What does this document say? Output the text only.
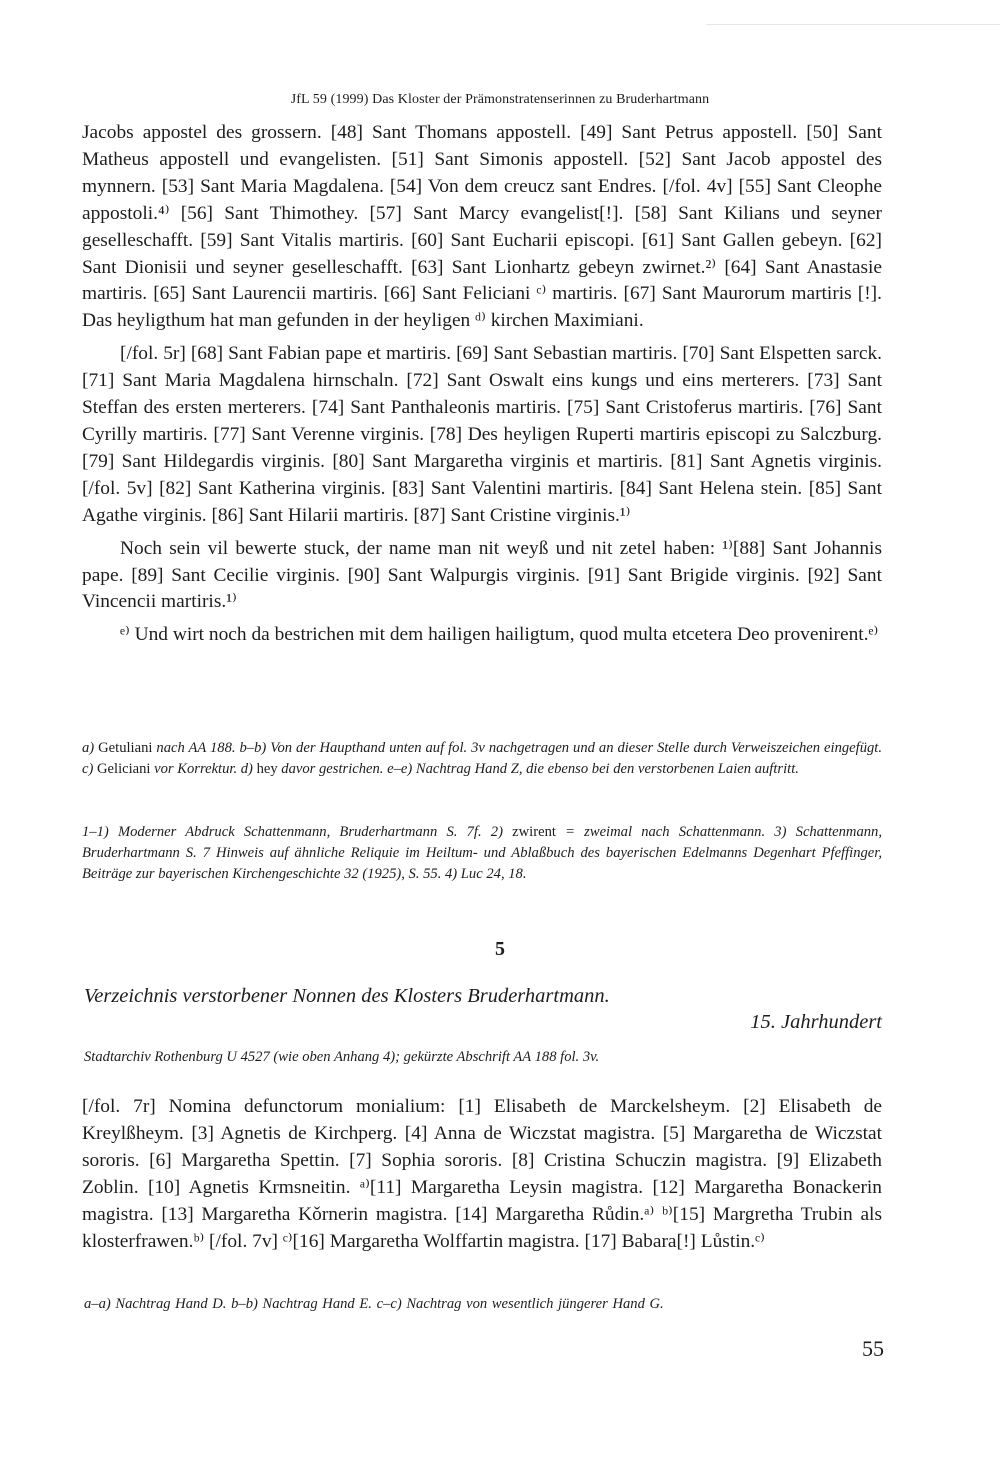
JfL 59 (1999) Das Kloster der Prämonstratenserinnen zu Bruderhartmann

Jacobs appostel des grossern. [48] Sant Thomans appostell. [49] Sant Petrus appostell. [50] Sant Matheus appostell und evangelisten. [51] Sant Simonis appostell. [52] Sant Jacob appostel des mynnern. [53] Sant Maria Magdalena. [54] Von dem creucz sant Endres. [/fol. 4v] [55] Sant Cleophe appostoli.⁴⁾ [56] Sant Thimothey. [57] Sant Marcy evangelist[!]. [58] Sant Kilians und seyner geselleschafft. [59] Sant Vitalis martiris. [60] Sant Eucharii episcopi. [61] Sant Gallen gebeyn. [62] Sant Dionisii und seyner geselleschafft. [63] Sant Lionhartz gebeyn zwirnet.²⁾ [64] Sant Anastasie martiris. [65] Sant Laurencii martiris. [66] Sant Feliciani ᶜ⁾ martiris. [67] Sant Maurorum martiris [!]. Das heyligthum hat man gefunden in der heyligen ᵈ⁾ kirchen Maximiani.

[/fol. 5r] [68] Sant Fabian pape et martiris. [69] Sant Sebastian martiris. [70] Sant Elspetten sarck. [71] Sant Maria Magdalena hirnschaln. [72] Sant Oswalt eins kungs und eins merterers. [73] Sant Steffan des ersten merterers. [74] Sant Panthaleonis martiris. [75] Sant Cristoferus martiris. [76] Sant Cyrilly martiris. [77] Sant Verenne virginis. [78] Des heyligen Ruperti martiris episcopi zu Salczburg. [79] Sant Hildegardis virginis. [80] Sant Margaretha virginis et martiris. [81] Sant Agnetis virginis. [/fol. 5v] [82] Sant Katherina virginis. [83] Sant Valentini martiris. [84] Sant Helena stein. [85] Sant Agathe virginis. [86] Sant Hilarii martiris. [87] Sant Cristine virginis.¹⁾

Noch sein vil bewerte stuck, der name man nit weyß und nit zetel haben: ¹⁾[88] Sant Johannis pape. [89] Sant Cecilie virginis. [90] Sant Walpurgis virginis. [91] Sant Brigide virginis. [92] Sant Vincencii martiris.¹⁾

ᵉ⁾ Und wirt noch da bestrichen mit dem hailigen hailigtum, quod multa etcetera Deo provenirent.ᵉ⁾

a) Getuliani nach AA 188. b–b) Von der Haupthand unten auf fol. 3v nachgetragen und an dieser Stelle durch Verweiszeichen eingefügt. c) Geliciani vor Korrektur. d) hey davor gestrichen. e–e) Nachtrag Hand Z, die ebenso bei den verstorbenen Laien auftritt.
1–1) Moderner Abdruck Schattenmann, Bruderhartmann S. 7f. 2) zwirent = zweimal nach Schattenmann. 3) Schattenmann, Bruderhartmann S. 7 Hinweis auf ähnliche Reliquie im Heiltum- und Ablaßbuch des bayerischen Edelmanns Degenhart Pfeffinger, Beiträge zur bayerischen Kirchengeschichte 32 (1925), S. 55. 4) Luc 24, 18.
5
Verzeichnis verstorbener Nonnen des Klosters Bruderhartmann.
15. Jahrhundert
Stadtarchiv Rothenburg U 4527 (wie oben Anhang 4); gekürzte Abschrift AA 188 fol. 3v.

[/fol. 7r] Nomina defunctorum monialium: [1] Elisabeth de Marckelsheym. [2] Elisabeth de Kreylßheym. [3] Agnetis de Kirchperg. [4] Anna de Wiczstat magistra. [5] Margaretha de Wiczstat sororis. [6] Margaretha Spettin. [7] Sophia sororis. [8] Cristina Schuczin magistra. [9] Elizabeth Zoblin. [10] Agnetis Krmsneitin. ᵃ⁾[11] Margaretha Leysin magistra. [12] Margaretha Bonackerin magistra. [13] Margaretha Kǒrnerin magistra. [14] Margaretha Růdin.ᵃ⁾ ᵇ⁾[15] Margretha Trubin als klosterfrawen.ᵇ⁾ [/fol. 7v] ᶜ⁾[16] Margaretha Wolffartin magistra. [17] Babara[!] Lůstin.ᶜ⁾

a–a) Nachtrag Hand D. b–b) Nachtrag Hand E. c–c) Nachtrag von wesentlich jüngerer Hand G.
55
